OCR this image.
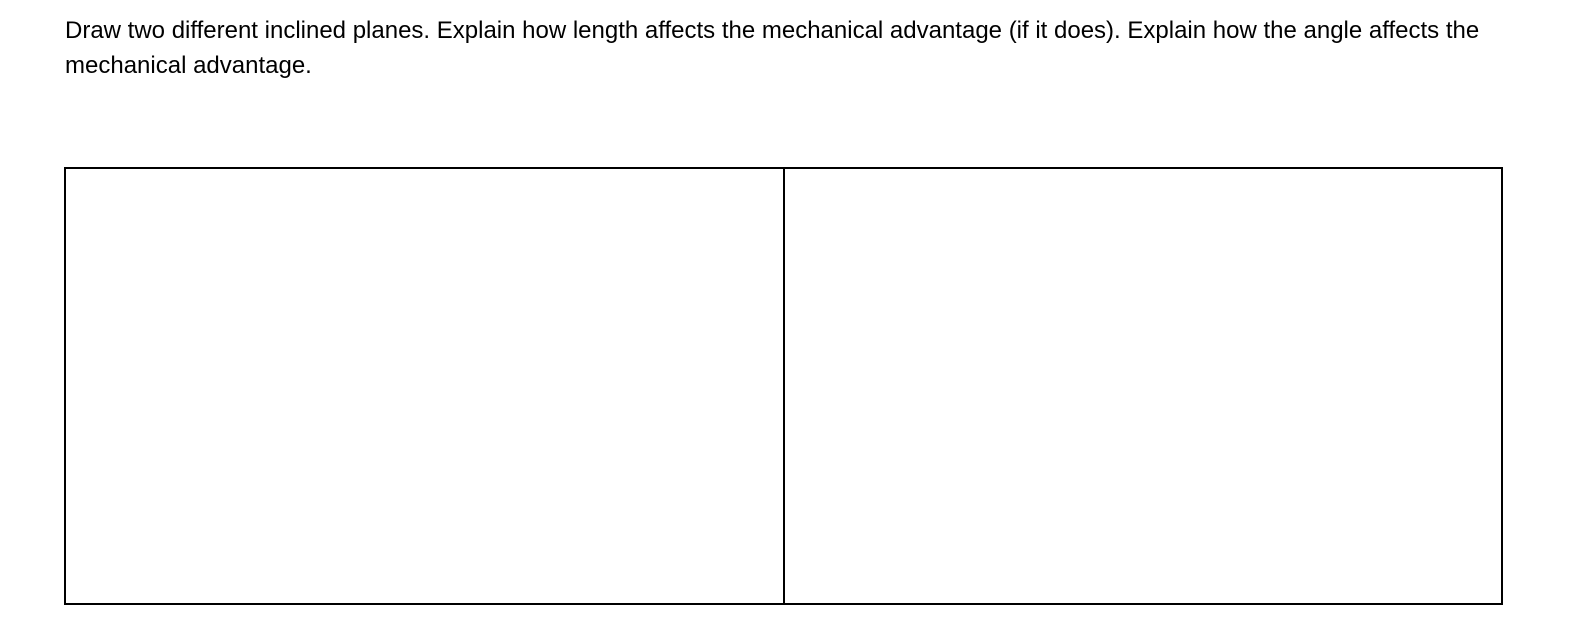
Draw two different inclined planes. Explain how length affects the mechanical advantage (if it does). Explain how the angle affects the mechanical advantage.
